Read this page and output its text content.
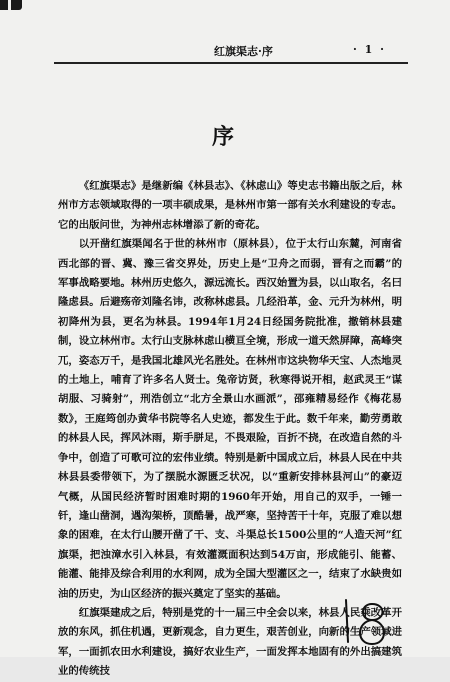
红旗渠志·序	· 1 ·
序

《红旗渠志》是继新编《林县志》、《林虑山》等史志书籍出版之后，林州市方志领域取得的一项丰硕成果，是林州市第一部有关水利建设的专志。它的出版问世，为神州志林增添了新的奇花。

以开凿红旗渠闻名于世的林州市（原林县），位于太行山东麓，河南省西北部的晋、冀、豫三省交界处，历史上是“卫舟之而弱，晋有之而霸”的军事战略要地。林州历史悠久，源远流长。西汉始置为县，以山取名，名曰隆虑县。后避殇帝刘隆名讳，改称林虑县。几经沿革，金、元升为林州，明初降州为县，更名为林县。1994年1月24日经国务院批准，撤销林县建制，设立林州市。太行山支脉林虑山横亘全境，形成一道天然屏障，高峰突兀，姿态万千，是我国北雄风光名胜处。在林州市这块物华天宝、人杰地灵的土地上，哺育了许多名人贤士。兔帝访贤，秋寒得说开相，赵武灵王“谋胡服、习骑射”，刑浩创立“北方全景山水画派”，邵雍精易经作《梅花易数》，王庭筠创办黄华书院等名人史迹，都发生于此。数千年来，勤劳勇敢的林县人民，挥风沐雨，斯手胼足，不畏艰险，百折不挠，在改造自然的斗争中，创造了可歌可泣的宏伟业绩。特别是新中国成立后，林县人民在中共林县县委带领下，为了摆脱水源匮乏状况，以“重新安排林县河山”的豪迈气概，从国民经济暂时困难时期的1960年开始，用自己的双手，一锤一钎，逢山凿洞，遇沟架桥，顶酷暑，战严寒，坚持苦干十年，克服了难以想象的困难，在太行山腰开凿了干、支、斗渠总长1500公里的“人造天河”红旗渠，把浊漳水引入林县，有效灌溉面积达到54万亩，形成能引、能蓄、能灌、能排及综合利用的水利网，成为全国大型灌区之一，结束了水缺贵如油的历史，为山区经济的振兴奠定了坚实的基础。

红旗渠建成之后，特别是党的十一届三中全会以来，林县人民乘改革开放的东风，抓住机遇，更新观念，自力更生，艰苦创业，向新的生产领域进军，一面抓农田水利建设，搞好农业生产，一面发挥本地固有的外出搞建筑业的传统技
